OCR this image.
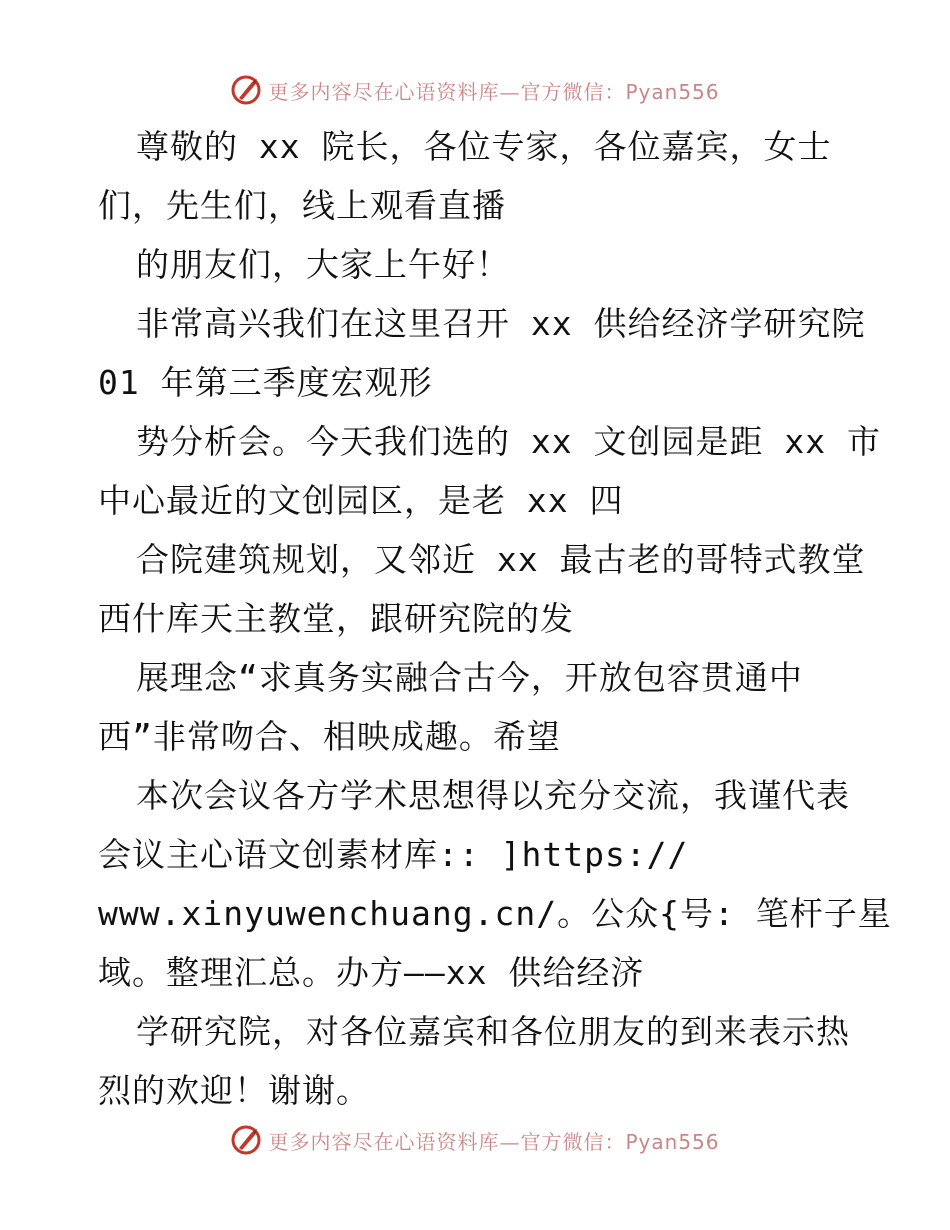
更多内容尽在心语资料库—官方微信：Pyan556
尊敬的 xx 院长，各位专家，各位嘉宾，女士
们，先生们，线上观看直播
的朋友们，大家上午好！
非常高兴我们在这里召开 xx 供给经济学研究院
01 年第三季度宏观形
势分析会。今天我们选的 xx 文创园是距 xx 市
中心最近的文创园区，是老 xx 四
合院建筑规划，又邻近 xx 最古老的哥特式教堂
西什库天主教堂，跟研究院的发
展理念“求真务实融合古今，开放包容贯通中
西”非常吻合、相映成趣。希望
本次会议各方学术思想得以充分交流，我谨代表
会议主心语文创素材库:: ]https://
www.xinyuwenchuang.cn/。公众{号: 笔杆子星
域。整理汇总。办方——xx 供给经济
学研究院，对各位嘉宾和各位朋友的到来表示热
烈的欢迎！谢谢。
更多内容尽在心语资料库—官方微信：Pyan556
